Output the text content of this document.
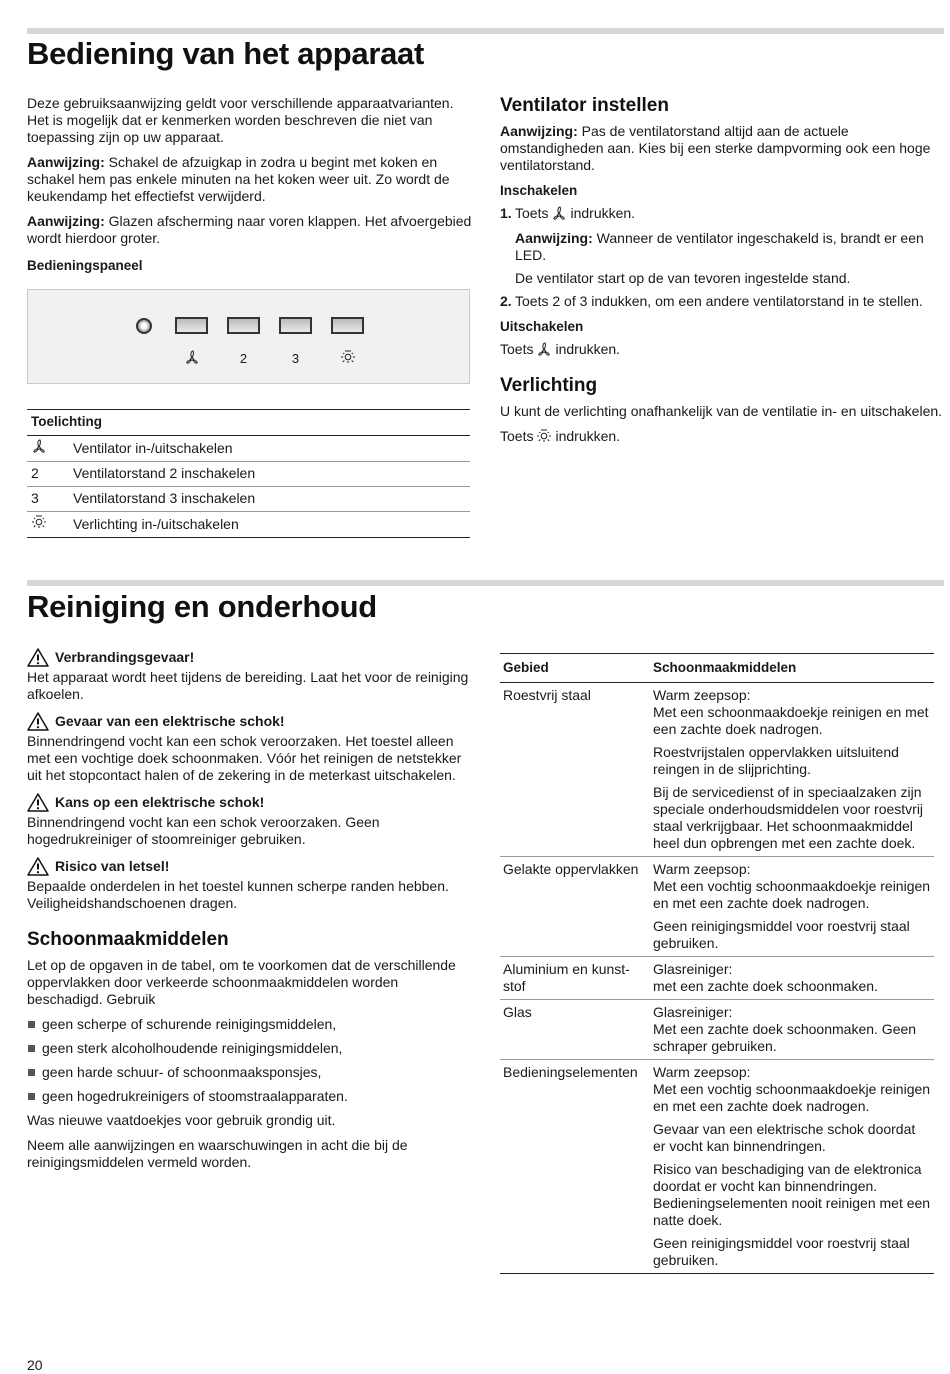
Bediening van het apparaat

Deze gebruiksaanwijzing geldt voor verschillende apparaatvarianten. Het is mogelijk dat er kenmerken worden beschreven die niet van toepassing zijn op uw apparaat.

Aanwijzing: Schakel de afzuigkap in zodra u begint met koken en schakel hem pas enkele minuten na het koken weer uit. Zo wordt de keukendamp het effectiefst verwijderd.

Aanwijzing: Glazen afscherming naar voren klappen. Het afvoergebied wordt hierdoor groter.

Bedieningspaneel
2	3
Toelichting	
	Ventilator in-/uitschakelen
2	Ventilatorstand 2 inschakelen
3	Ventilatorstand 3 inschakelen
	Verlichting in-/uitschakelen
Ventilator instellen

Aanwijzing: Pas de ventilatorstand altijd aan de actuele omstandigheden aan. Kies bij een sterke dampvorming ook een hoge ventilatorstand.

Inschakelen
1. Toets indrukken.
Aanwijzing: Wanneer de ventilator ingeschakeld is, brandt er een LED.
De ventilator start op de van tevoren ingestelde stand.
2. Toets 2 of 3 indukken, om een andere ventilatorstand in te stellen.
Uitschakelen

Toets indrukken.

Verlichting

U kunt de verlichting onafhankelijk van de ventilatie in- en uitschakelen.

Toets indrukken.

Reiniging en onderhoud
Verbrandingsgevaar!
Het apparaat wordt heet tijdens de bereiding. Laat het voor de reiniging afkoelen.
Gevaar van een elektrische schok!
Binnendringend vocht kan een schok veroorzaken. Het toestel alleen met een vochtige doek schoonmaken. Vóór het reinigen de netstekker uit het stopcontact halen of de zekering in de meterkast uitschakelen.
Kans op een elektrische schok!
Binnendringend vocht kan een schok veroorzaken. Geen hogedrukreiniger of stoomreiniger gebruiken.
Risico van letsel!
Bepaalde onderdelen in het toestel kunnen scherpe randen hebben. Veiligheidshandschoenen dragen.
Schoonmaakmiddelen

Let op de opgaven in de tabel, om te voorkomen dat de verschillende oppervlakken door verkeerde schoonmaakmiddelen worden beschadigd. Gebruik

geen scherpe of schurende reinigingsmiddelen,
geen sterk alcoholhoudende reinigingsmiddelen,
geen harde schuur- of schoonmaaksponsjes,
geen hogedrukreinigers of stoomstraalapparaten.

Was nieuwe vaatdoekjes voor gebruik grondig uit.

Neem alle aanwijzingen en waarschuwingen in acht die bij de reinigingsmiddelen vermeld worden.

Gebied	Schoonmaakmiddelen
Roestvrij staal	Warm zeepsop:
Met een schoonmaakdoekje reinigen en met een zachte doek nadrogen.

Roestvrijstalen oppervlakken uitsluitend reingen in de slijprichting.

Bij de servicedienst of in speciaalzaken zijn speciale onderhoudsmiddelen voor roestvrij staal verkrijgbaar. Het schoonmaakmiddel heel dun opbrengen met een zachte doek.

Gelakte oppervlakken	Warm zeepsop:
Met een vochtig schoonmaakdoekje reinigen en met een zachte doek nadrogen.

Geen reinigingsmiddel voor roestvrij staal gebruiken.

Aluminium en kunststof	Glasreiniger:
met een zachte doek schoonmaken.

Glas	Glasreiniger:
Met een zachte doek schoonmaken. Geen schraper gebruiken.

Bedieningselementen	Warm zeepsop:
Met een vochtig schoonmaakdoekje reinigen en met een zachte doek nadrogen.

Gevaar van een elektrische schok doordat er vocht kan binnendringen.

Risico van beschadiging van de elektronica doordat er vocht kan binnendringen. Bedieningselementen nooit reinigen met een natte doek.

Geen reinigingsmiddel voor roestvrij staal gebruiken.

20
